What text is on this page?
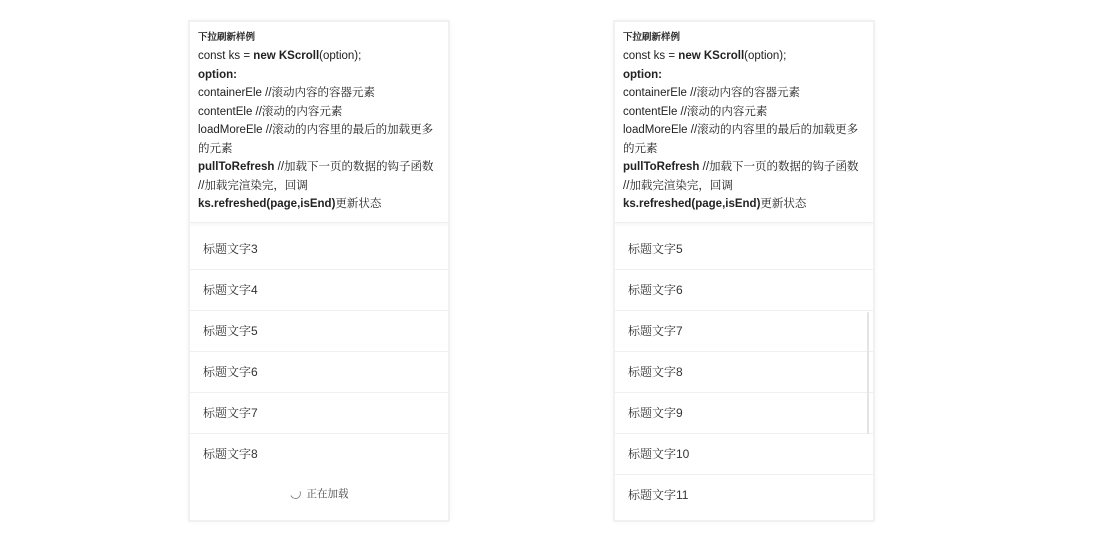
下拉刷新样例
const ks = new KScroll(option);
option:
containerEle //滚动内容的容器元素
contentEle //滚动的内容元素
loadMoreEle //滚动的内容里的最后的加载更多的元素
pullToRefresh //加载下一页的数据的钩子函数
//加载完渲染完，回调
ks.refreshed(page,isEnd)更新状态
标题文字3
标题文字4
标题文字5
标题文字6
标题文字7
标题文字8
正在加载
下拉刷新样例
const ks = new KScroll(option);
option:
containerEle //滚动内容的容器元素
contentEle //滚动的内容元素
loadMoreEle //滚动的内容里的最后的加载更多的元素
pullToRefresh //加载下一页的数据的钩子函数
//加载完渲染完，回调
ks.refreshed(page,isEnd)更新状态
标题文字5
标题文字6
标题文字7
标题文字8
标题文字9
标题文字10
标题文字11
